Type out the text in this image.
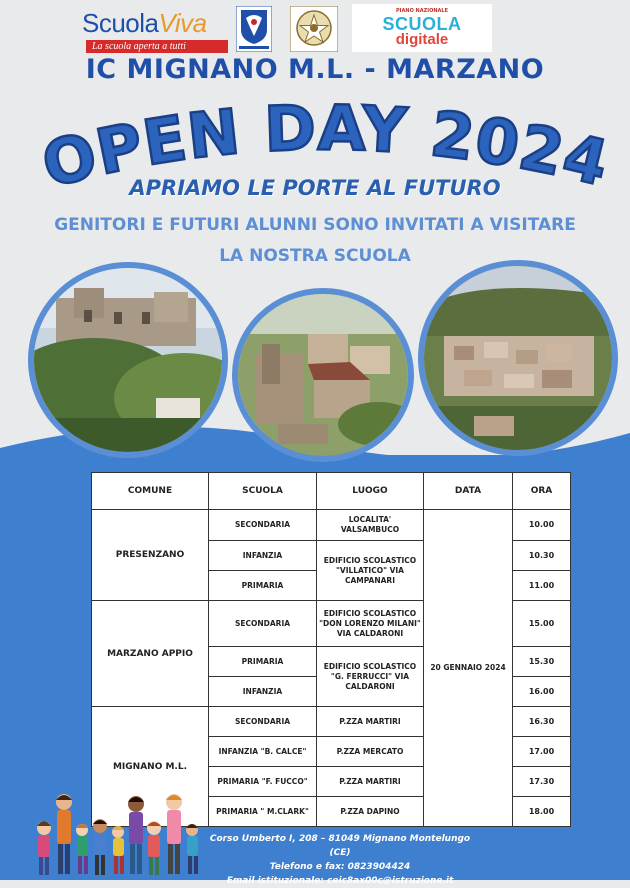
ScuolaViva
La scuola aperta a tutti
PIANO NAZIONALE
SCUOLA
digitale
IC MIGNANO M.L. - MARZANO
OPEN DAY 2024
APRIAMO LE PORTE AL FUTURO
GENITORI E FUTURI ALUNNI SONO INVITATI A VISITARE
LA NOSTRA SCUOLA
COMUNE	SCUOLA	LUOGO	DATA	ORA
PRESENZANO	SECONDARIA	LOCALITA' VALSAMBUCO	20 GENNAIO 2024	10.00
	INFANZIA	EDIFICIO SCOLASTICO "VILLATICO" VIA CAMPANARI		10.30
	PRIMARIA			11.00
MARZANO APPIO	SECONDARIA	EDIFICIO SCOLASTICO "DON LORENZO MILANI" VIA CALDARONI		15.00
	PRIMARIA	EDIFICIO SCOLASTICO "G. FERRUCCI" VIA CALDARONI		15.30
	INFANZIA			16.00
MIGNANO M.L.	SECONDARIA	P.ZZA MARTIRI		16.30
	INFANZIA "B. CALCE"	P.ZZA MERCATO		17.00
	PRIMARIA "F. FUCCO"	P.ZZA MARTIRI		17.30
	PRIMARIA " M.CLARK"	P.ZZA DAPINO		18.00
Corso Umberto I, 208 – 81049 Mignano Montelungo (CE)
Telefono e fax: 0823904424
Email istituzionale: ceic8ax00c@istruzione.it
